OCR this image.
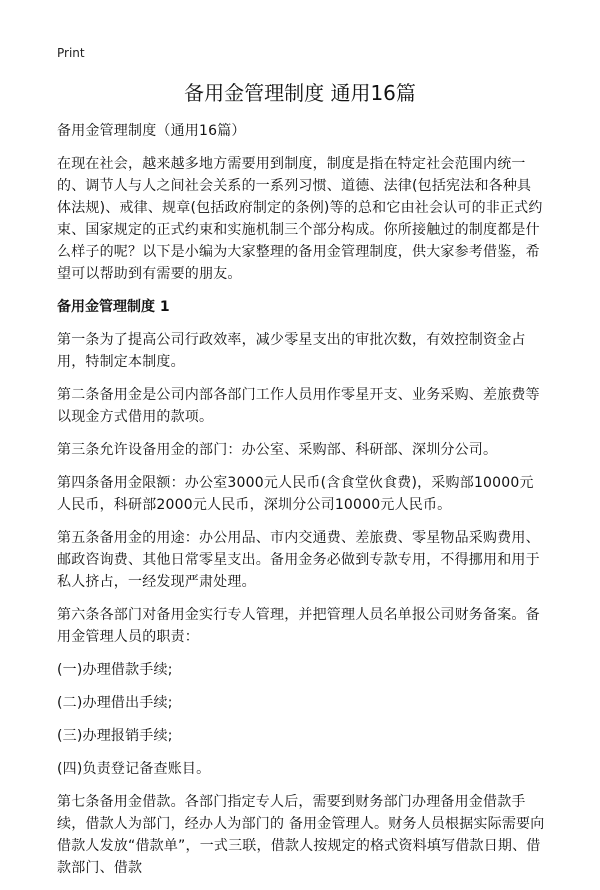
Print
备用金管理制度 通用16篇

备用金管理制度（通用16篇）

在现在社会，越来越多地方需要用到制度，制度是指在特定社会范围内统一的、调节人与人之间社会关系的一系列习惯、道德、法律(包括宪法和各种具体法规)、戒律、规章(包括政府制定的条例)等的总和它由社会认可的非正式约束、国家规定的正式约束和实施机制三个部分构成。你所接触过的制度都是什么样子的呢？以下是小编为大家整理的备用金管理制度，供大家参考借鉴，希望可以帮助到有需要的朋友。

备用金管理制度 1

第一条为了提高公司行政效率，减少零星支出的审批次数，有效控制资金占用，特制定本制度。

第二条备用金是公司内部各部门工作人员用作零星开支、业务采购、差旅费等以现金方式借用的款项。

第三条允许设备用金的部门：办公室、采购部、科研部、深圳分公司。

第四条备用金限额：办公室3000元人民币(含食堂伙食费)，采购部10000元人民币，科研部2000元人民币，深圳分公司10000元人民币。

第五条备用金的用途：办公用品、市内交通费、差旅费、零星物品采购费用、邮政咨询费、其他日常零星支出。备用金务必做到专款专用，不得挪用和用于私人挤占，一经发现严肃处理。

第六条各部门对备用金实行专人管理，并把管理人员名单报公司财务备案。备用金管理人员的职责：

(一)办理借款手续;

(二)办理借出手续;

(三)办理报销手续;

(四)负责登记备查账目。

第七条备用金借款。各部门指定专人后，需要到财务部门办理备用金借款手续，借款人为部门，经办人为部门的 备用金管理人。财务人员根据实际需要向借款人发放“借款单”，一式三联，借款人按规定的格式资料填写借款日期、借款部门、借款
